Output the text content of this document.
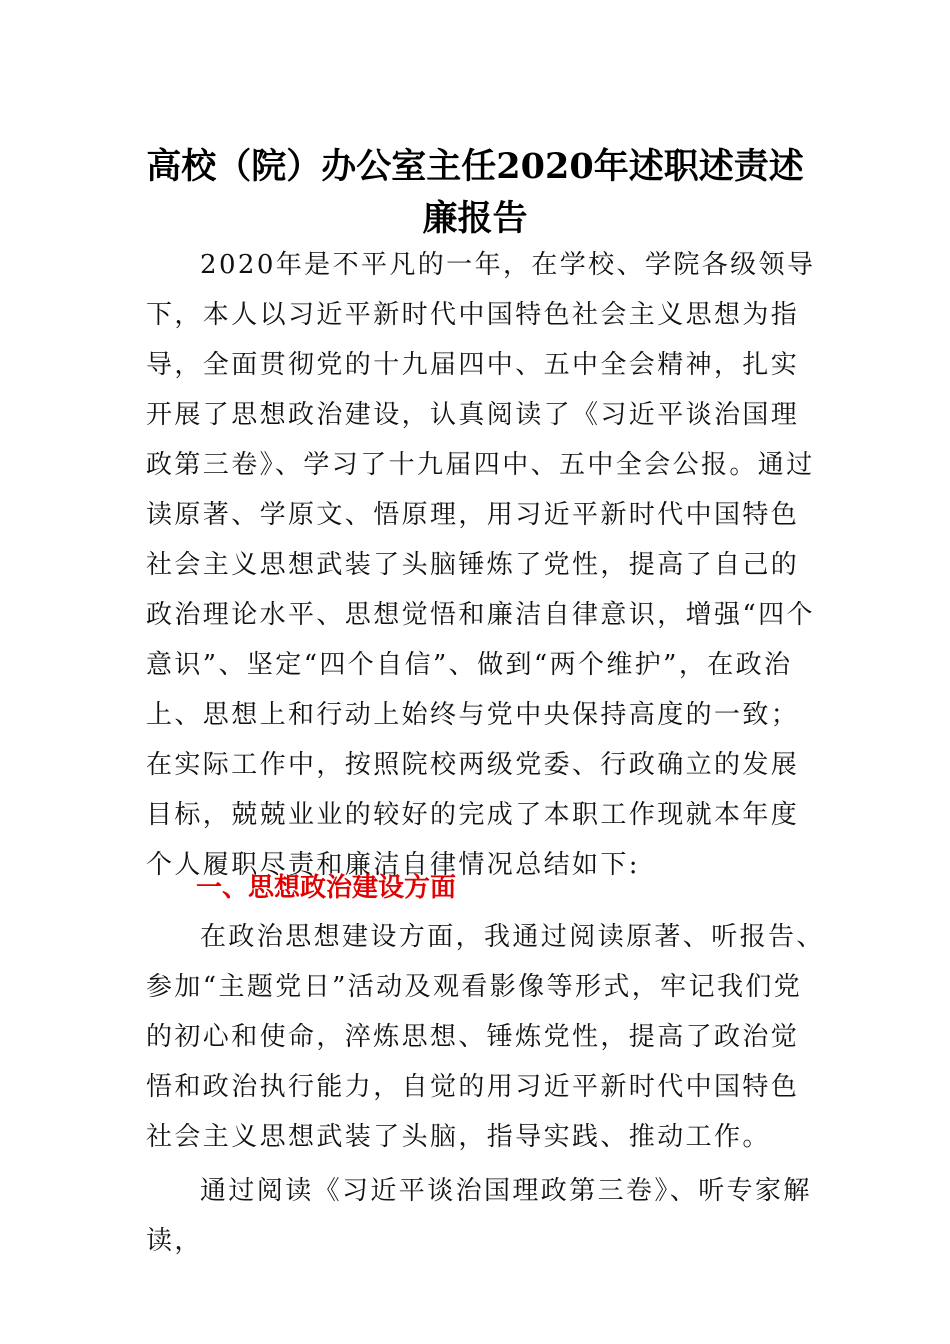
高校（院）办公室主任2020年述职述责述
廉报告
2020年是不平凡的一年，在学校、学院各级领导下，本人以习近平新时代中国特色社会主义思想为指导，全面贯彻党的十九届四中、五中全会精神，扎实开展了思想政治建设，认真阅读了《习近平谈治国理政第三卷》、学习了十九届四中、五中全会公报。通过读原著、学原文、悟原理，用习近平新时代中国特色社会主义思想武装了头脑锤炼了党性，提高了自己的政治理论水平、思想觉悟和廉洁自律意识，增强“四个意识”、坚定“四个自信”、做到“两个维护”，在政治上、思想上和行动上始终与党中央保持高度的一致；在实际工作中，按照院校两级党委、行政确立的发展目标，兢兢业业的较好的完成了本职工作现就本年度个人履职尽责和廉洁自律情况总结如下:
一、思想政治建设方面
在政治思想建设方面，我通过阅读原著、听报告、参加“主题党日”活动及观看影像等形式，牢记我们党的初心和使命，淬炼思想、锤炼党性，提高了政治觉悟和政治执行能力，自觉的用习近平新时代中国特色社会主义思想武装了头脑，指导实践、推动工作。
通过阅读《习近平谈治国理政第三卷》、听专家解读，
